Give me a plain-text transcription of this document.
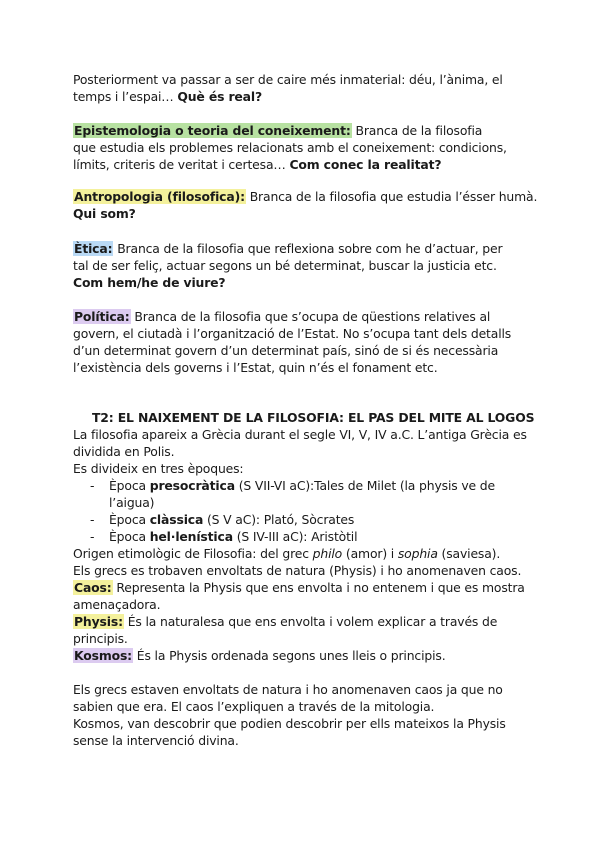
Posteriorment va passar a ser de caire més inmaterial: déu, l’ànima, el

temps i l’espai… Què és real?

Epistemologia o teoria del coneixement: Branca de la filosofia

que estudia els problemes relacionats amb el coneixement: condicions,

límits, criteris de veritat i certesa… Com conec la realitat?

Antropologia (filosofica): Branca de la filosofia que estudia l’ésser humà.

Qui som?

Ètica: Branca de la filosofia que reflexiona sobre com he d’actuar, per

tal de ser feliç, actuar segons un bé determinat, buscar la justicia etc.

Com hem/he de viure?

Política: Branca de la filosofia que s’ocupa de qüestions relatives al

govern, el ciutadà i l’organització de l’Estat. No s’ocupa tant dels detalls

d’un determinat govern d’un determinat país, sinó de si és necessària

l’existència dels governs i l’Estat, quin n’és el fonament etc.

T2: EL NAIXEMENT DE LA FILOSOFIA: EL PAS DEL MITE AL LOGOS

La filosofia apareix a Grècia durant el segle VI, V, IV a.C. L’antiga Grècia es

dividida en Polis.

Es divideix en tres èpoques:

- Època presocràtica (S VII-VI aC):Tales de Milet (la physis ve de
l’aigua)
- Època clàssica (S V aC): Plató, Sòcrates
- Època hel·lenística (S IV-III aC): Aristòtil

Origen etimològic de Filosofia: del grec philo (amor) i sophia (saviesa).

Els grecs es trobaven envoltats de natura (Physis) i ho anomenaven caos.

Caos: Representa la Physis que ens envolta i no entenem i que es mostra

amenaçadora.

Physis: És la naturalesa que ens envolta i volem explicar a través de

principis.

Kosmos: És la Physis ordenada segons unes lleis o principis.

Els grecs estaven envoltats de natura i ho anomenaven caos ja que no

sabien que era. El caos l’expliquen a través de la mitologia.

Kosmos, van descobrir que podien descobrir per ells mateixos la Physis

sense la intervenció divina.
